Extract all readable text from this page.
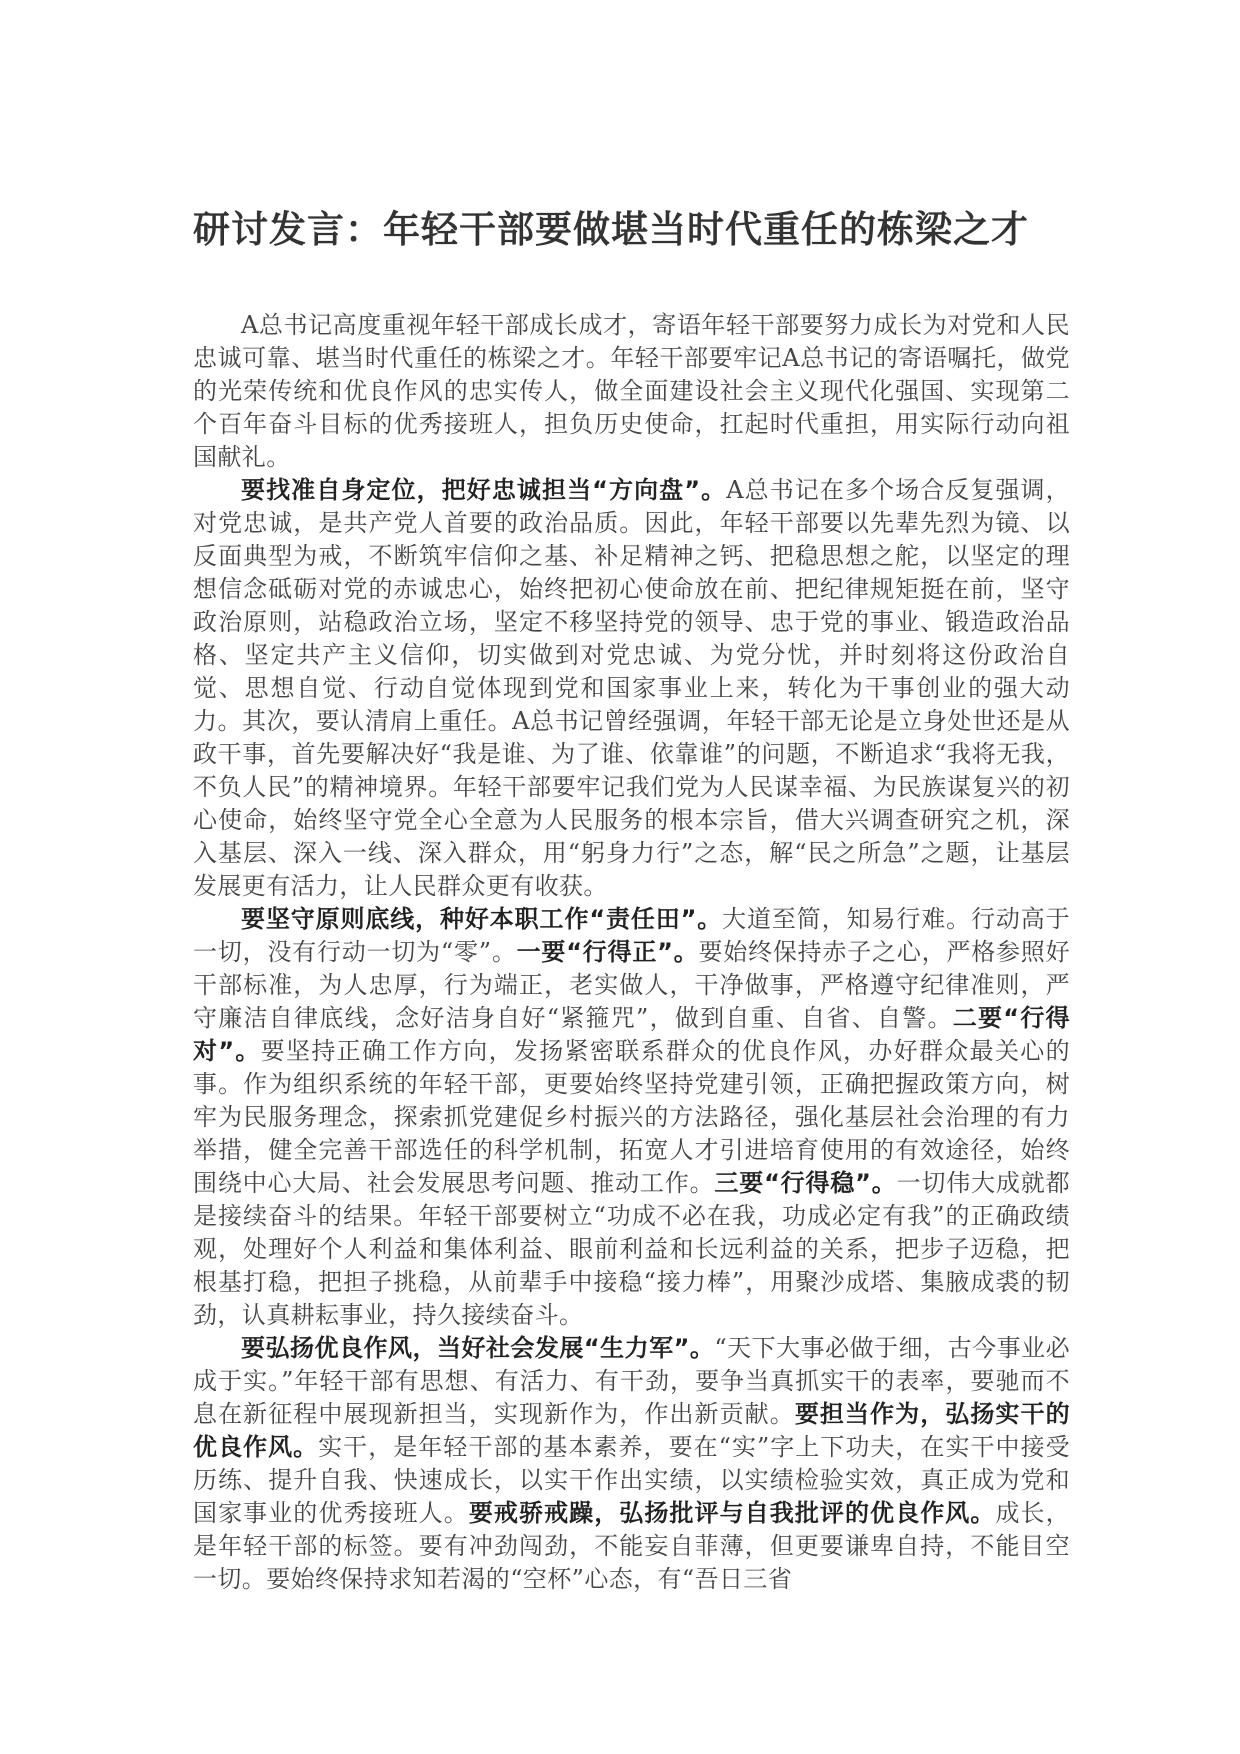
研讨发言：年轻干部要做堪当时代重任的栋梁之才

A总书记高度重视年轻干部成长成才，寄语年轻干部要努力成长为对党和人民忠诚可靠、堪当时代重任的栋梁之才。年轻干部要牢记A总书记的寄语嘱托，做党的光荣传统和优良作风的忠实传人，做全面建设社会主义现代化强国、实现第二个百年奋斗目标的优秀接班人，担负历史使命，扛起时代重担，用实际行动向祖国献礼。

要找准自身定位，把好忠诚担当“方向盘”。A总书记在多个场合反复强调，对党忠诚，是共产党人首要的政治品质。因此，年轻干部要以先辈先烈为镜、以反面典型为戒，不断筑牢信仰之基、补足精神之钙、把稳思想之舵，以坚定的理想信念砥砺对党的赤诚忠心，始终把初心使命放在前、把纪律规矩挺在前，坚守政治原则，站稳政治立场，坚定不移坚持党的领导、忠于党的事业、锻造政治品格、坚定共产主义信仰，切实做到对党忠诚、为党分忧，并时刻将这份政治自觉、思想自觉、行动自觉体现到党和国家事业上来，转化为干事创业的强大动力。其次，要认清肩上重任。A总书记曾经强调，年轻干部无论是立身处世还是从政干事，首先要解决好“我是谁、为了谁、依靠谁”的问题，不断追求“我将无我，不负人民”的精神境界。年轻干部要牢记我们党为人民谋幸福、为民族谋复兴的初心使命，始终坚守党全心全意为人民服务的根本宗旨，借大兴调查研究之机，深入基层、深入一线、深入群众，用“躬身力行”之态，解“民之所急”之题，让基层发展更有活力，让人民群众更有收获。

要坚守原则底线，种好本职工作“责任田”。大道至简，知易行难。行动高于一切，没有行动一切为“零”。一要“行得正”。要始终保持赤子之心，严格参照好干部标准，为人忠厚，行为端正，老实做人，干净做事，严格遵守纪律准则，严守廉洁自律底线，念好洁身自好“紧箍咒”，做到自重、自省、自警。二要“行得对”。要坚持正确工作方向，发扬紧密联系群众的优良作风，办好群众最关心的事。作为组织系统的年轻干部，更要始终坚持党建引领，正确把握政策方向，树牢为民服务理念，探索抓党建促乡村振兴的方法路径，强化基层社会治理的有力举措，健全完善干部选任的科学机制，拓宽人才引进培育使用的有效途径，始终围绕中心大局、社会发展思考问题、推动工作。三要“行得稳”。一切伟大成就都是接续奋斗的结果。年轻干部要树立“功成不必在我，功成必定有我”的正确政绩观，处理好个人利益和集体利益、眼前利益和长远利益的关系，把步子迈稳，把根基打稳，把担子挑稳，从前辈手中接稳“接力棒”，用聚沙成塔、集腋成裘的韧劲，认真耕耘事业，持久接续奋斗。

要弘扬优良作风，当好社会发展“生力军”。“天下大事必做于细，古今事业必成于实。”年轻干部有思想、有活力、有干劲，要争当真抓实干的表率，要驰而不息在新征程中展现新担当，实现新作为，作出新贡献。要担当作为，弘扬实干的优良作风。实干，是年轻干部的基本素养，要在“实”字上下功夫，在实干中接受历练、提升自我、快速成长，以实干作出实绩，以实绩检验实效，真正成为党和国家事业的优秀接班人。要戒骄戒躁，弘扬批评与自我批评的优良作风。成长，是年轻干部的标签。要有冲劲闯劲，不能妄自菲薄，但更要谦卑自持，不能目空一切。要始终保持求知若渴的“空杯”心态，有“吾日三省
